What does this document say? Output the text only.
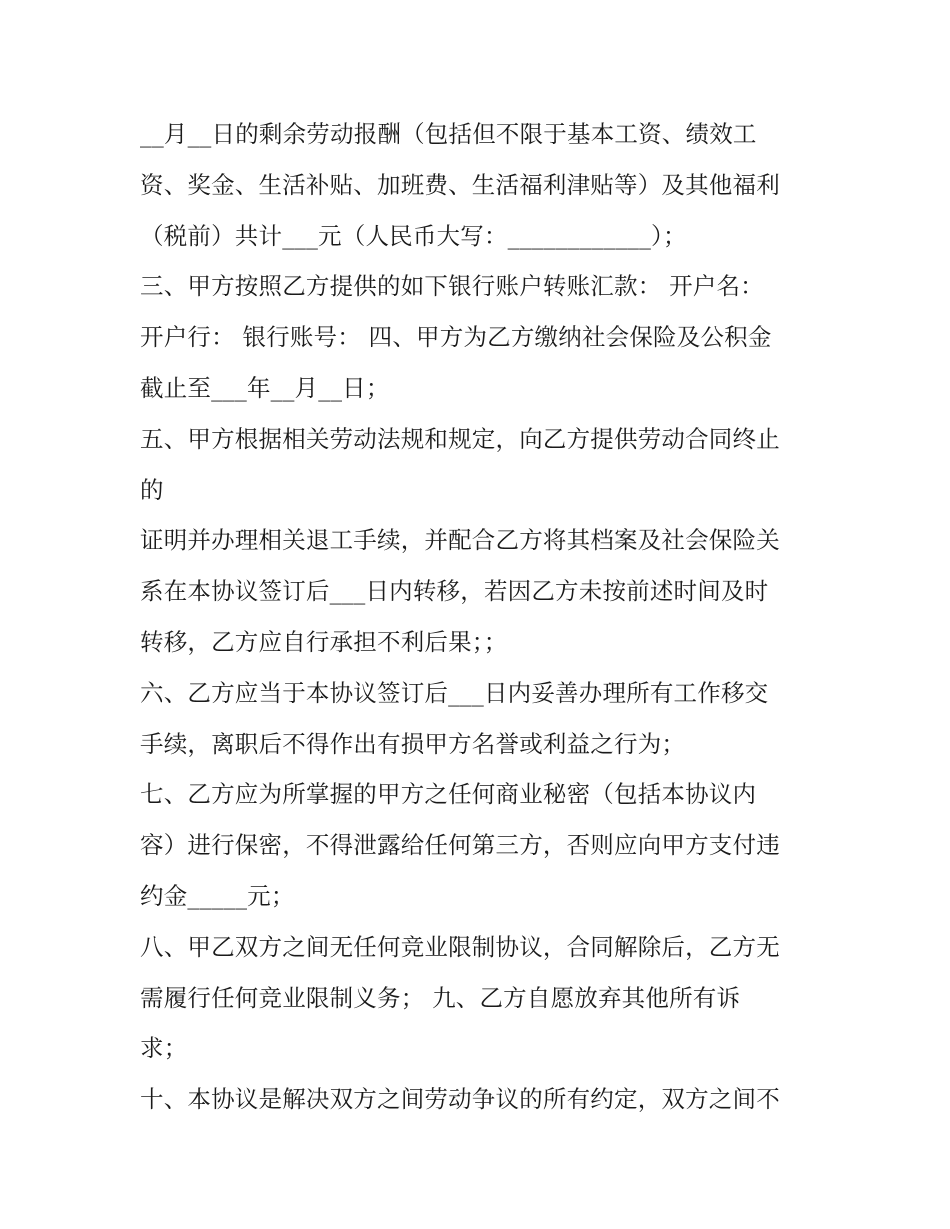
__月__日的剩余劳动报酬（包括但不限于基本工资、绩效工
资、奖金、生活补贴、加班费、生活福利津贴等）及其他福利
（税前）共计___元（人民币大写：____________）；
三、甲方按照乙方提供的如下银行账户转账汇款： 开户名：
开户行： 银行账号： 四、甲方为乙方缴纳社会保险及公积金
截止至___年__月__日；
五、甲方根据相关劳动法规和规定，向乙方提供劳动合同终止
的
证明并办理相关退工手续，并配合乙方将其档案及社会保险关
系在本协议签订后___日内转移，若因乙方未按前述时间及时
转移，乙方应自行承担不利后果；；
六、乙方应当于本协议签订后___日内妥善办理所有工作移交
手续，离职后不得作出有损甲方名誉或利益之行为；
七、乙方应为所掌握的甲方之任何商业秘密（包括本协议内
容）进行保密，不得泄露给任何第三方，否则应向甲方支付违
约金_____元；
八、甲乙双方之间无任何竞业限制协议，合同解除后，乙方无
需履行任何竞业限制义务； 九、乙方自愿放弃其他所有诉
求；
十、本协议是解决双方之间劳动争议的所有约定，双方之间不
